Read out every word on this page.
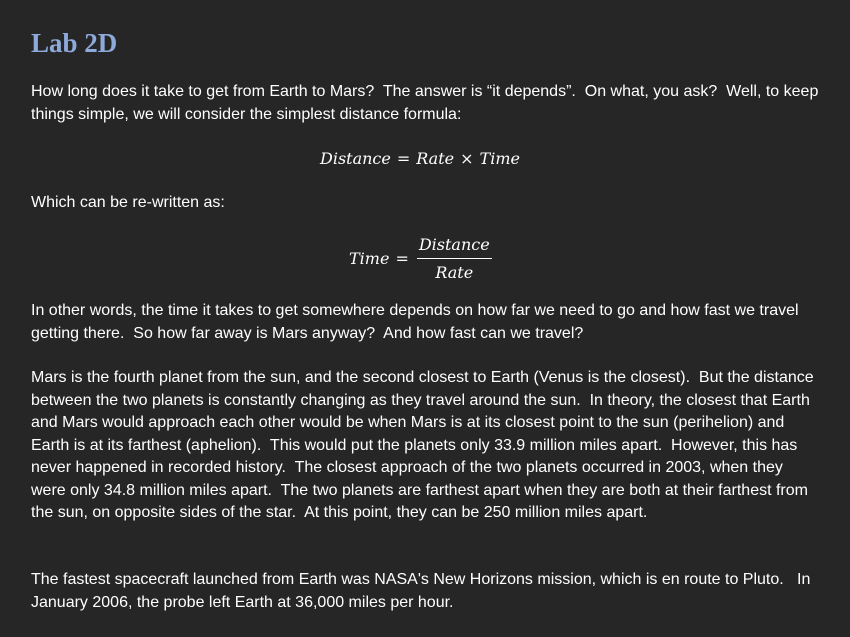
Lab 2D

How long does it take to get from Earth to Mars?  The answer is “it depends”.  On what, you ask?  Well, to keep things simple, we will consider the simplest distance formula:

Distance = Rate × Time

Which can be re-written as:

Time = $\frac{\text{Distance}}{\text{Rate}}$

In other words, the time it takes to get somewhere depends on how far we need to go and how fast we travel getting there.  So how far away is Mars anyway?  And how fast can we travel?

Mars is the fourth planet from the sun, and the second closest to Earth (Venus is the closest).  But the distance between the two planets is constantly changing as they travel around the sun.  In theory, the closest that Earth and Mars would approach each other would be when Mars is at its closest point to the sun (perihelion) and Earth is at its farthest (aphelion).  This would put the planets only 33.9 million miles apart.  However, this has never happened in recorded history.  The closest approach of the two planets occurred in 2003, when they were only 34.8 million miles apart.  The two planets are farthest apart when they are both at their farthest from the sun, on opposite sides of the star.  At this point, they can be 250 million miles apart.

The fastest spacecraft launched from Earth was NASA's New Horizons mission, which is en route to Pluto.   In January 2006, the probe left Earth at 36,000 miles per hour.
